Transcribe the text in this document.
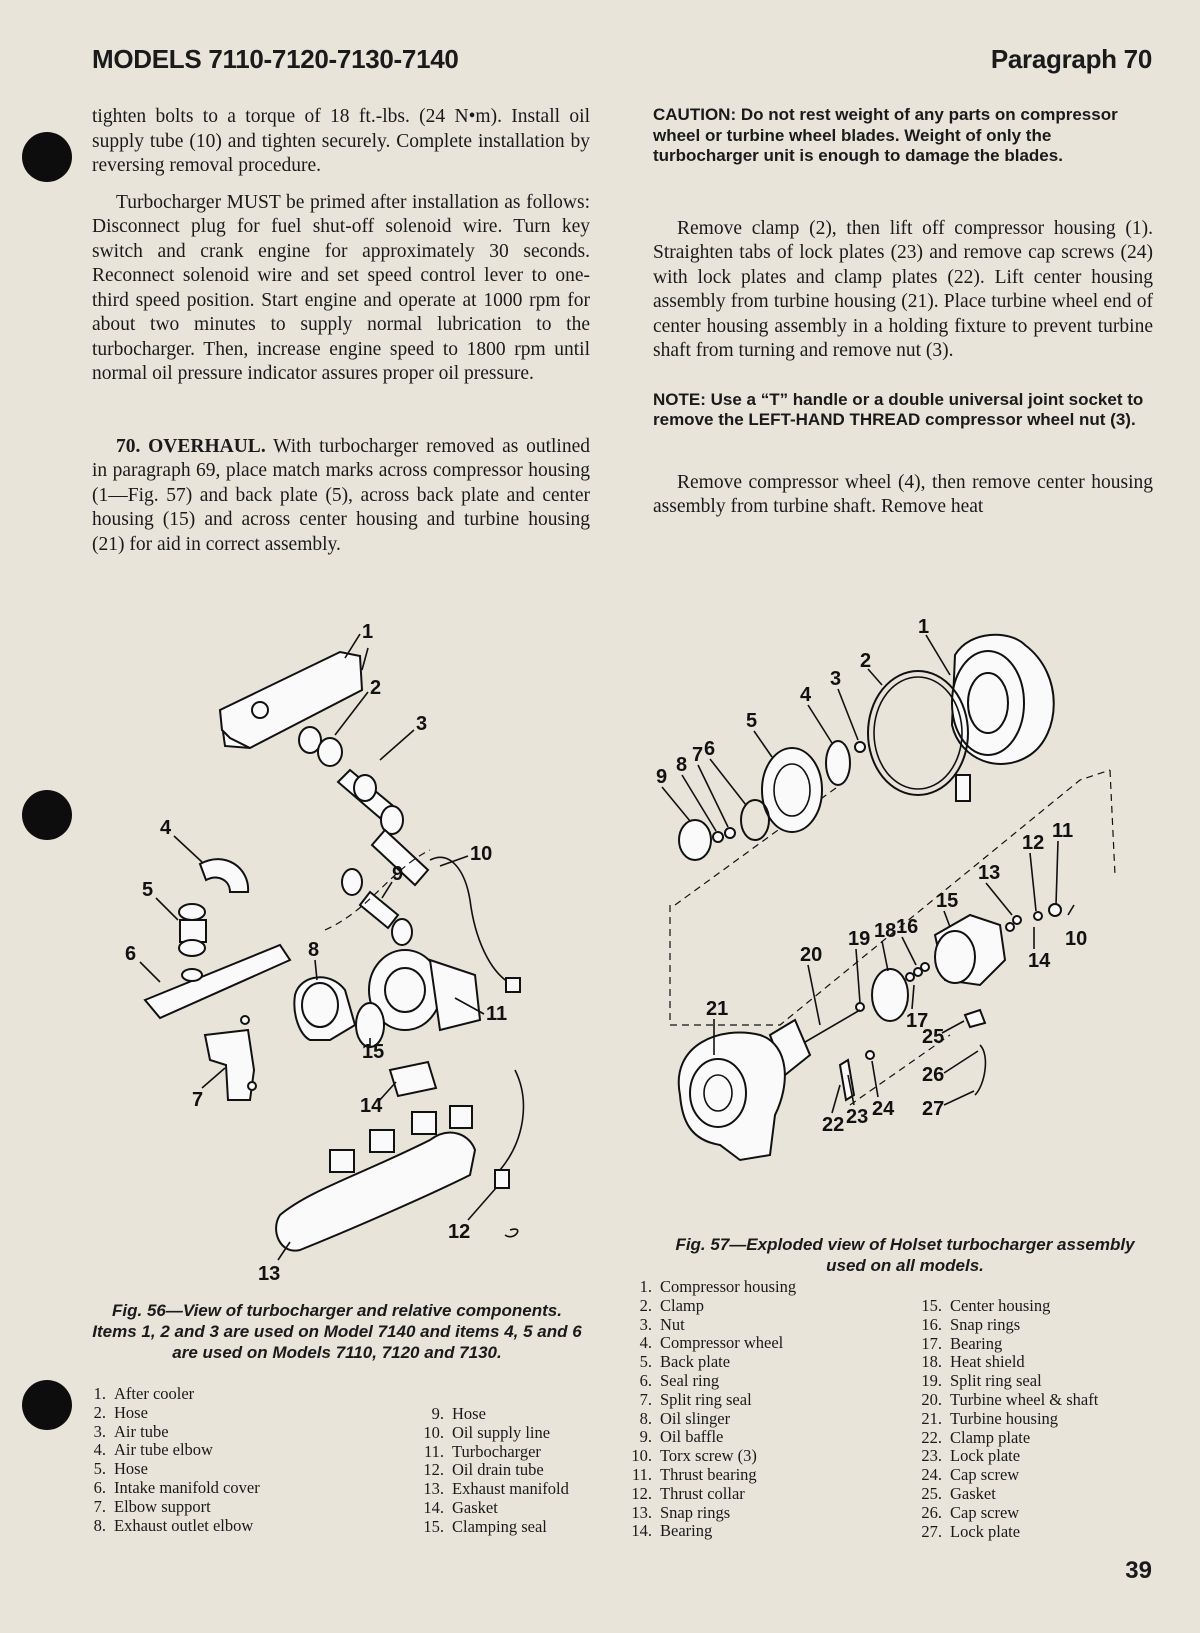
MODELS 7110-7120-7130-7140	Paragraph 70

tighten bolts to a torque of 18 ft.-lbs. (24 N•m). Install oil supply tube (10) and tighten securely. Complete installation by reversing removal procedure.

Turbocharger MUST be primed after installation as follows: Disconnect plug for fuel shut-off solenoid wire. Turn key switch and crank engine for approximately 30 seconds. Reconnect solenoid wire and set speed control lever to one-third speed position. Start engine and operate at 1000 rpm for about two minutes to supply normal lubrication to the turbocharger. Then, increase engine speed to 1800 rpm until normal oil pressure indicator assures proper oil pressure.

70. OVERHAUL. With turbocharger removed as outlined in paragraph 69, place match marks across compressor housing (1—Fig. 57) and back plate (5), across back plate and center housing (15) and across center housing and turbine housing (21) for aid in correct assembly.

CAUTION: Do not rest weight of any parts on compressor wheel or turbine wheel blades. Weight of only the turbocharger unit is enough to damage the blades.

Remove clamp (2), then lift off compressor housing (1). Straighten tabs of lock plates (23) and remove cap screws (24) with lock plates and clamp plates (22). Lift center housing assembly from turbine housing (21). Place turbine wheel end of center housing assembly in a holding fixture to prevent turbine shaft from turning and remove nut (3).

NOTE: Use a “T” handle or a double universal joint socket to remove the LEFT-HAND THREAD compressor wheel nut (3).

Remove compressor wheel (4), then remove center housing assembly from turbine shaft. Remove heat

1
2
3
4
5
6
9
10
8
11
15
7	14
12
13
Fig. 56—View of turbocharger and relative components. Items 1, 2 and 3 are used on Model 7140 and items 4, 5 and 6 are used on Models 7110, 7120 and 7130.
1. After cooler
2. Hose
3. Air tube
4. Air tube elbow
5. Hose
6. Intake manifold cover
7. Elbow support
8. Exhaust outlet elbow
9. Hose
10. Oil supply line
11. Turbocharger
12. Oil drain tube
13. Exhaust manifold
14. Gasket
15. Clamping seal
1
2
3
4
5
6
7
8
9
10
11
12
13
14
15
16
17
18
19
20
21
22 23 24
25
26
27
Fig. 57—Exploded view of Holset turbocharger assembly used on all models.
1. Compressor housing
2. Clamp
3. Nut
4. Compressor wheel
5. Back plate
6. Seal ring
7. Split ring seal
8. Oil slinger
9. Oil baffle
10. Torx screw (3)
11. Thrust bearing
12. Thrust collar
13. Snap rings
14. Bearing
15. Center housing
16. Snap rings
17. Bearing
18. Heat shield
19. Split ring seal
20. Turbine wheel & shaft
21. Turbine housing
22. Clamp plate
23. Lock plate
24. Cap screw
25. Gasket
26. Cap screw
27. Lock plate
39
